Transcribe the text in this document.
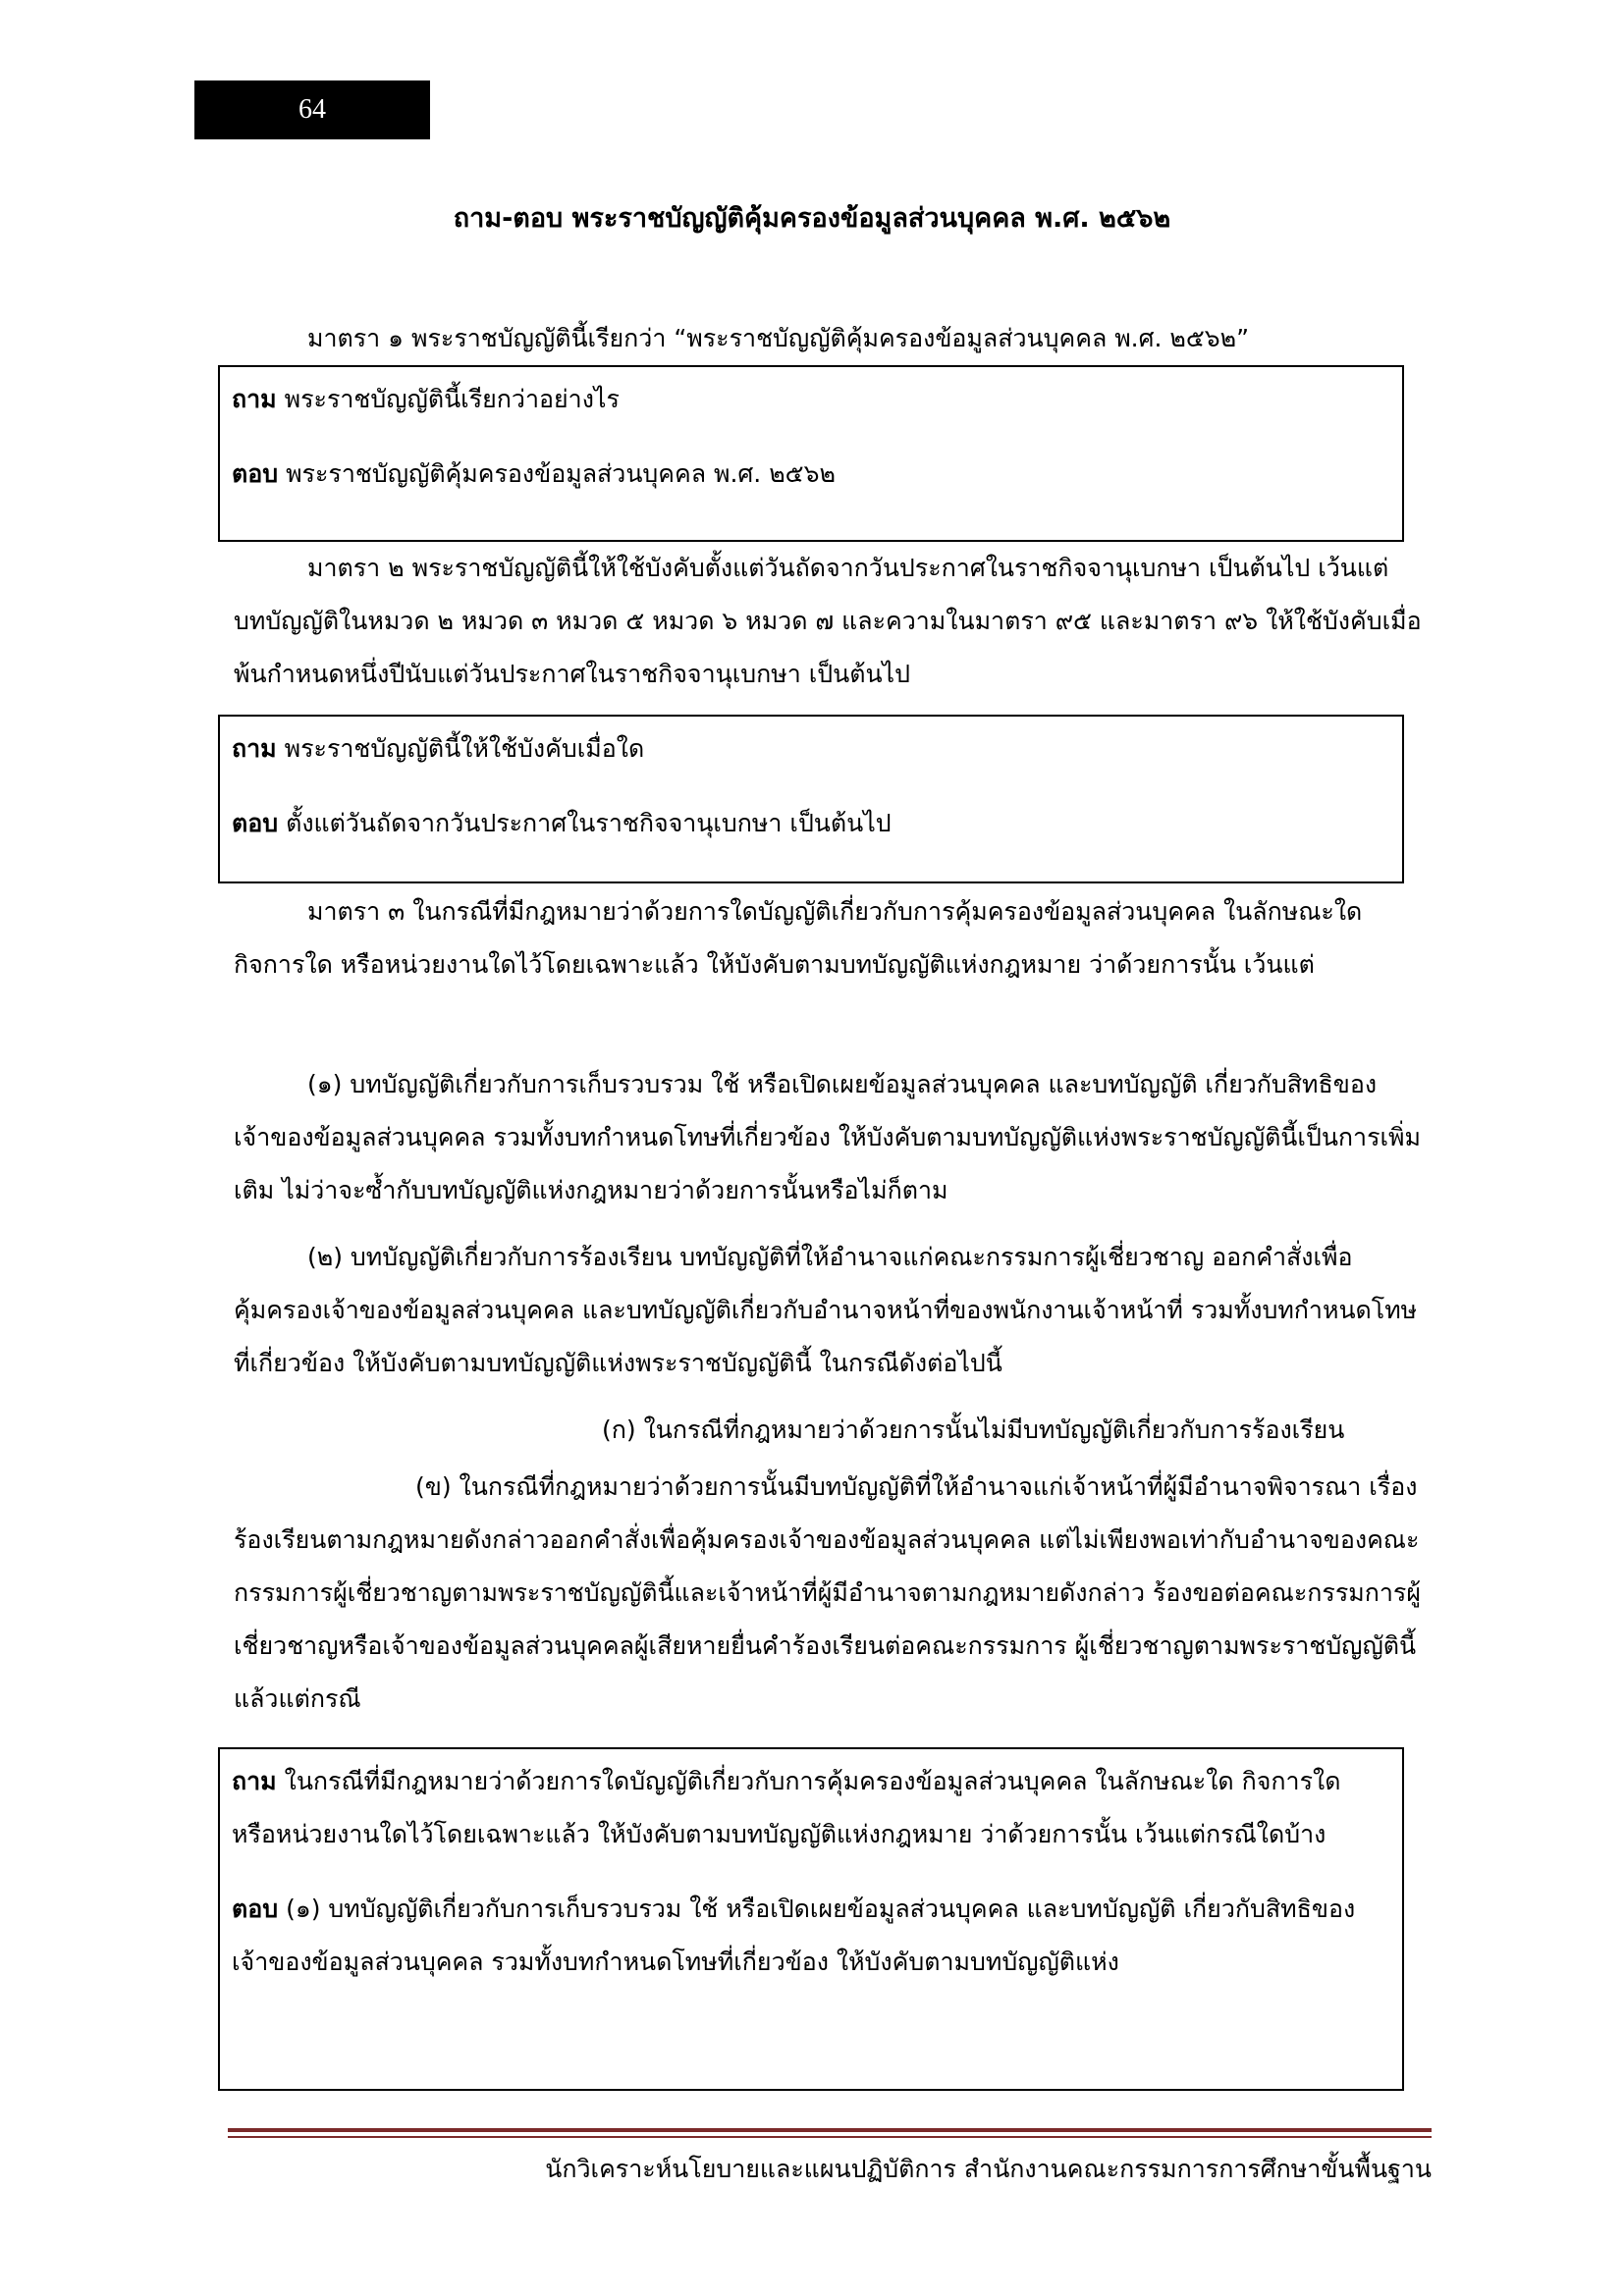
64
ถาม-ตอบ พระราชบัญญัติคุ้มครองข้อมูลส่วนบุคคล พ.ศ. ๒๕๖๒

มาตรา ๑ พระราชบัญญัตินี้เรียกว่า “พระราชบัญญัติคุ้มครองข้อมูลส่วนบุคคล พ.ศ. ๒๕๖๒”

ถาม พระราชบัญญัตินี้เรียกว่าอย่างไร

ตอบ พระราชบัญญัติคุ้มครองข้อมูลส่วนบุคคล พ.ศ. ๒๕๖๒

มาตรา ๒ พระราชบัญญัตินี้ให้ใช้บังคับตั้งแต่วันถัดจากวันประกาศในราชกิจจานุเบกษา เป็นต้นไป เว้นแต่บทบัญญัติในหมวด ๒ หมวด ๓ หมวด ๕ หมวด ๖ หมวด ๗ และความในมาตรา ๙๕ และมาตรา ๙๖ ให้ใช้บังคับเมื่อพ้นกำหนดหนึ่งปีนับแต่วันประกาศในราชกิจจานุเบกษา เป็นต้นไป

ถาม พระราชบัญญัตินี้ให้ใช้บังคับเมื่อใด

ตอบ ตั้งแต่วันถัดจากวันประกาศในราชกิจจานุเบกษา เป็นต้นไป

มาตรา ๓ ในกรณีที่มีกฎหมายว่าด้วยการใดบัญญัติเกี่ยวกับการคุ้มครองข้อมูลส่วนบุคคล ในลักษณะใด กิจการใด หรือหน่วยงานใดไว้โดยเฉพาะแล้ว ให้บังคับตามบทบัญญัติแห่งกฎหมาย ว่าด้วยการนั้น เว้นแต่

(๑) บทบัญญัติเกี่ยวกับการเก็บรวบรวม ใช้ หรือเปิดเผยข้อมูลส่วนบุคคล และบทบัญญัติ เกี่ยวกับสิทธิของเจ้าของข้อมูลส่วนบุคคล รวมทั้งบทกำหนดโทษที่เกี่ยวข้อง ให้บังคับตามบทบัญญัติแห่งพระราชบัญญัตินี้เป็นการเพิ่มเติม ไม่ว่าจะซ้ำกับบทบัญญัติแห่งกฎหมายว่าด้วยการนั้นหรือไม่ก็ตาม

(๒) บทบัญญัติเกี่ยวกับการร้องเรียน บทบัญญัติที่ให้อำนาจแก่คณะกรรมการผู้เชี่ยวชาญ ออกคำสั่งเพื่อคุ้มครองเจ้าของข้อมูลส่วนบุคคล และบทบัญญัติเกี่ยวกับอำนาจหน้าที่ของพนักงานเจ้าหน้าที่ รวมทั้งบทกำหนดโทษที่เกี่ยวข้อง ให้บังคับตามบทบัญญัติแห่งพระราชบัญญัตินี้ ในกรณีดังต่อไปนี้

(ก) ในกรณีที่กฎหมายว่าด้วยการนั้นไม่มีบทบัญญัติเกี่ยวกับการร้องเรียน

(ข) ในกรณีที่กฎหมายว่าด้วยการนั้นมีบทบัญญัติที่ให้อำนาจแก่เจ้าหน้าที่ผู้มีอำนาจพิจารณา เรื่องร้องเรียนตามกฎหมายดังกล่าวออกคำสั่งเพื่อคุ้มครองเจ้าของข้อมูลส่วนบุคคล แต่ไม่เพียงพอเท่ากับอำนาจของคณะกรรมการผู้เชี่ยวชาญตามพระราชบัญญัตินี้และเจ้าหน้าที่ผู้มีอำนาจตามกฎหมายดังกล่าว ร้องขอต่อคณะกรรมการผู้เชี่ยวชาญหรือเจ้าของข้อมูลส่วนบุคคลผู้เสียหายยื่นคำร้องเรียนต่อคณะกรรมการ ผู้เชี่ยวชาญตามพระราชบัญญัตินี้ แล้วแต่กรณี

ถาม ในกรณีที่มีกฎหมายว่าด้วยการใดบัญญัติเกี่ยวกับการคุ้มครองข้อมูลส่วนบุคคล ในลักษณะใด กิจการใด หรือหน่วยงานใดไว้โดยเฉพาะแล้ว ให้บังคับตามบทบัญญัติแห่งกฎหมาย ว่าด้วยการนั้น เว้นแต่กรณีใดบ้าง

ตอบ (๑) บทบัญญัติเกี่ยวกับการเก็บรวบรวม ใช้ หรือเปิดเผยข้อมูลส่วนบุคคล และบทบัญญัติ เกี่ยวกับสิทธิของเจ้าของข้อมูลส่วนบุคคล รวมทั้งบทกำหนดโทษที่เกี่ยวข้อง ให้บังคับตามบทบัญญัติแห่ง

นักวิเคราะห์นโยบายและแผนปฏิบัติการ สำนักงานคณะกรรมการการศึกษาขั้นพื้นฐาน
